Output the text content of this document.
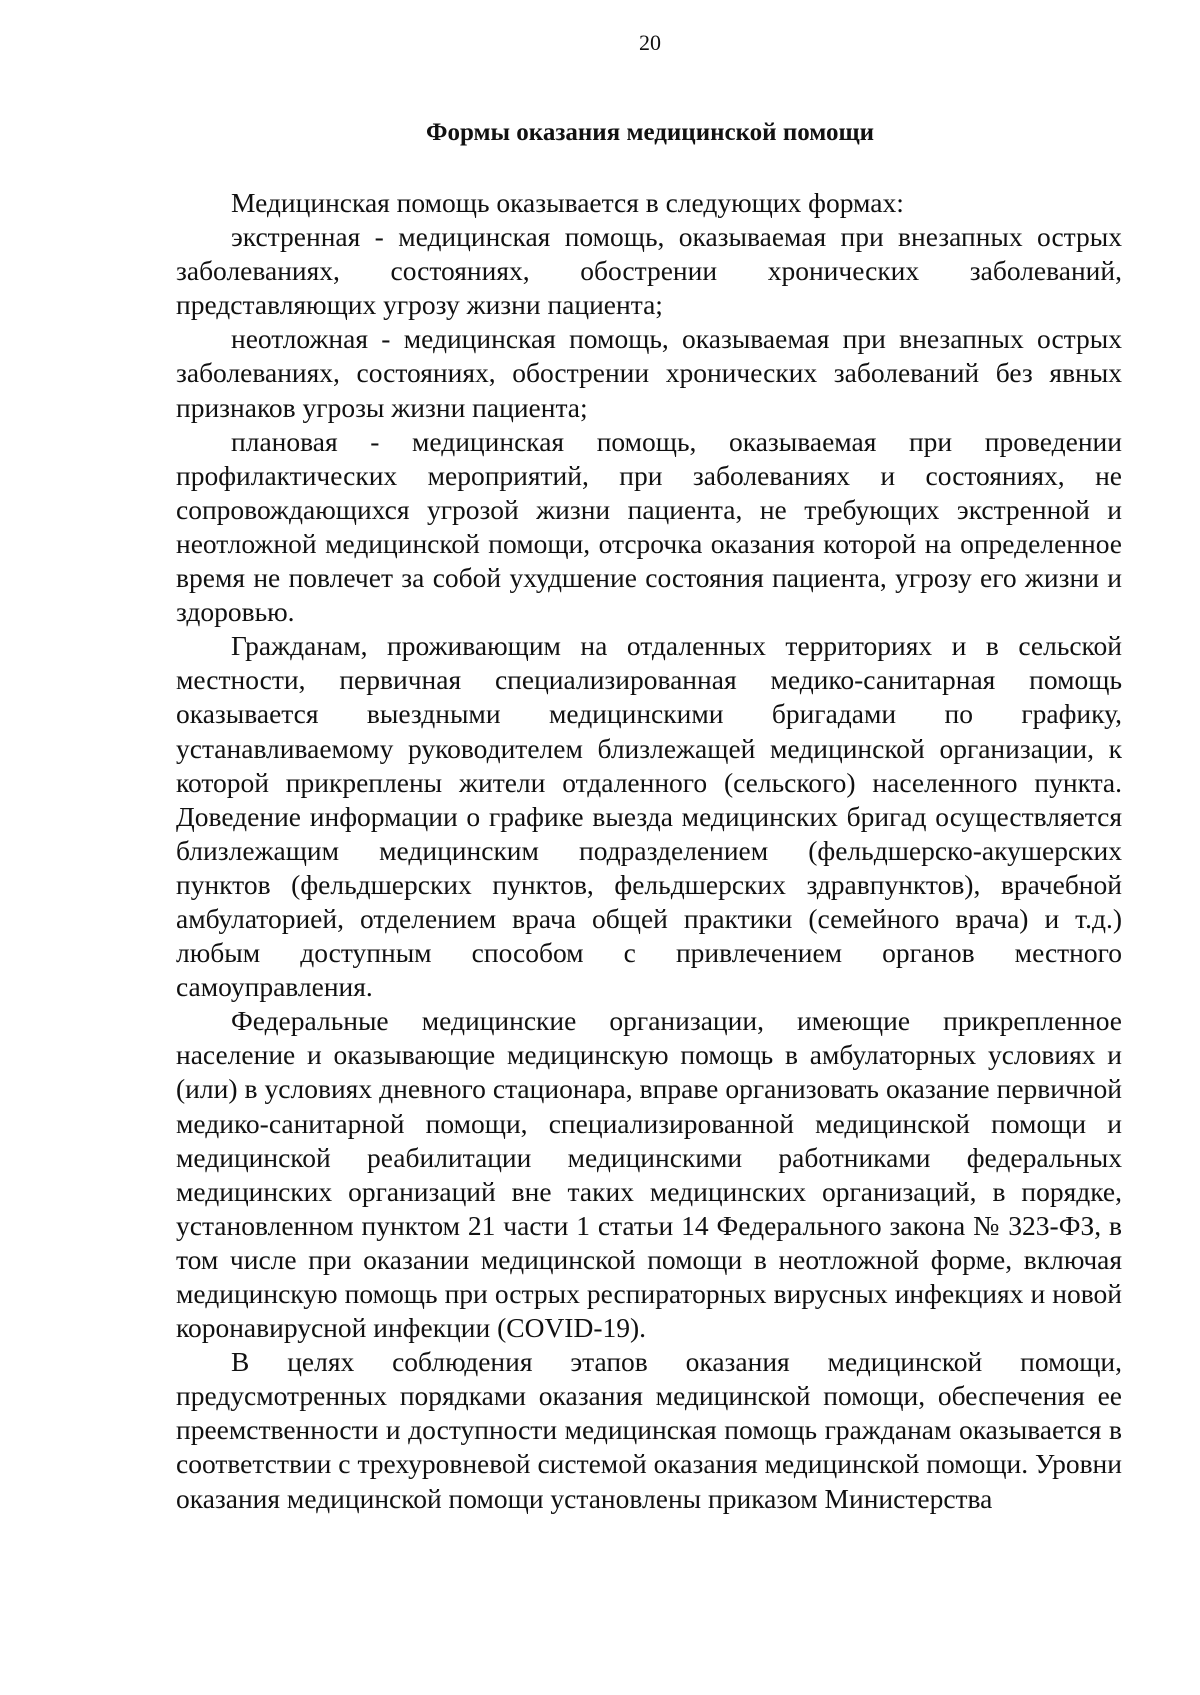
20
Формы оказания медицинской помощи

Медицинская помощь оказывается в следующих формах:

экстренная - медицинская помощь, оказываемая при внезапных острых заболеваниях, состояниях, обострении хронических заболеваний, представляющих угрозу жизни пациента;

неотложная - медицинская помощь, оказываемая при внезапных острых заболеваниях, состояниях, обострении хронических заболеваний без явных признаков угрозы жизни пациента;

плановая - медицинская помощь, оказываемая при проведении профилактических мероприятий, при заболеваниях и состояниях, не сопровождающихся угрозой жизни пациента, не требующих экстренной и неотложной медицинской помощи, отсрочка оказания которой на определенное время не повлечет за собой ухудшение состояния пациента, угрозу его жизни и здоровью.

Гражданам, проживающим на отдаленных территориях и в сельской местности, первичная специализированная медико-санитарная помощь оказывается выездными медицинскими бригадами по графику, устанавливаемому руководителем близлежащей медицинской организации, к которой прикреплены жители отдаленного (сельского) населенного пункта. Доведение информации о графике выезда медицинских бригад осуществляется близлежащим медицинским подразделением (фельдшерско-акушерских пунктов (фельдшерских пунктов, фельдшерских здравпунктов), врачебной амбулаторией, отделением врача общей практики (семейного врача) и т.д.) любым доступным способом с привлечением органов местного самоуправления.

Федеральные медицинские организации, имеющие прикрепленное население и оказывающие медицинскую помощь в амбулаторных условиях и (или) в условиях дневного стационара, вправе организовать оказание первичной медико-санитарной помощи, специализированной медицинской помощи и медицинской реабилитации медицинскими работниками федеральных медицинских организаций вне таких медицинских организаций, в порядке, установленном пунктом 21 части 1 статьи 14 Федерального закона № 323-ФЗ, в том числе при оказании медицинской помощи в неотложной форме, включая медицинскую помощь при острых респираторных вирусных инфекциях и новой коронавирусной инфекции (COVID-19).

В целях соблюдения этапов оказания медицинской помощи, предусмотренных порядками оказания медицинской помощи, обеспечения ее преемственности и доступности медицинская помощь гражданам оказывается в соответствии с трехуровневой системой оказания медицинской помощи. Уровни оказания медицинской помощи установлены приказом Министерства
